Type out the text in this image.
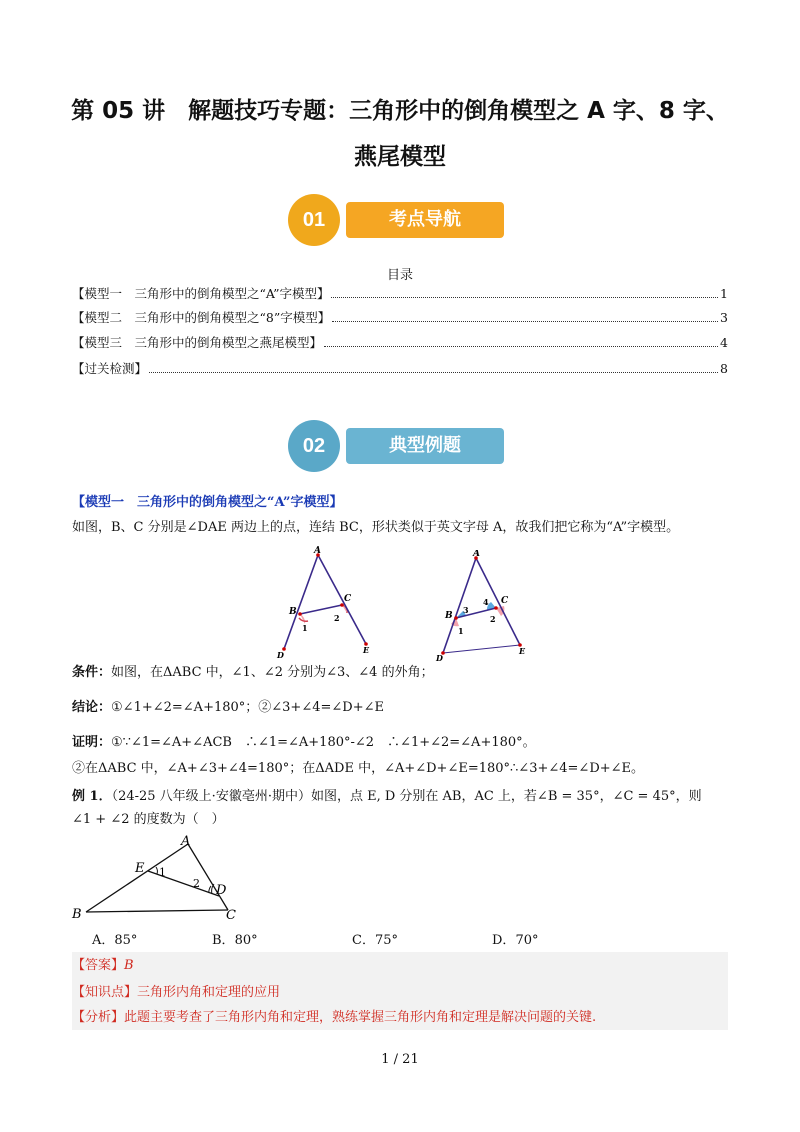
第 05 讲　解题技巧专题：三角形中的倒角模型之 A 字、8 字、
燕尾模型
01	考点导航
目录
【模型一　三角形中的倒角模型之“A”字模型】	1
【模型二　三角形中的倒角模型之“8”字模型】	3
【模型三　三角形中的倒角模型之燕尾模型】	4
【过关检测】	8
02	典型例题
【模型一　三角形中的倒角模型之“A”字模型】
如图，B、C 分别是∠DAE 两边上的点，连结 BC，形状类似于英文字母 A，故我们把它称为“A”字模型。
A
B
C
D	E
1
2
A
B
C
D
E
1
2
3
4
条件：如图，在ΔABC 中，∠1、∠2 分别为∠3、∠4 的外角；
结论：①∠1+∠2=∠A+180°；②∠3+∠4=∠D+∠E
证明：①∵∠1=∠A+∠ACB　∴∠1=∠A+180°-∠2　∴∠1+∠2=∠A+180°。
②在ΔABC 中，∠A+∠3+∠4=180°；在ΔADE 中，∠A+∠D+∠E=180°∴∠3+∠4=∠D+∠E。
例 1．（24-25 八年级上·安徽亳州·期中）如图，点 E, D 分别在 AB，AC 上，若∠B = 35°，∠C = 45°，则
∠1 + ∠2 的度数为（　）
A
B	C
D
E 1
2
A．85°	B．80°	C．75°	D．70°
【答案】B
【知识点】三角形内角和定理的应用
【分析】此题主要考查了三角形内角和定理，熟练掌握三角形内角和定理是解决问题的关键.
1 / 21
